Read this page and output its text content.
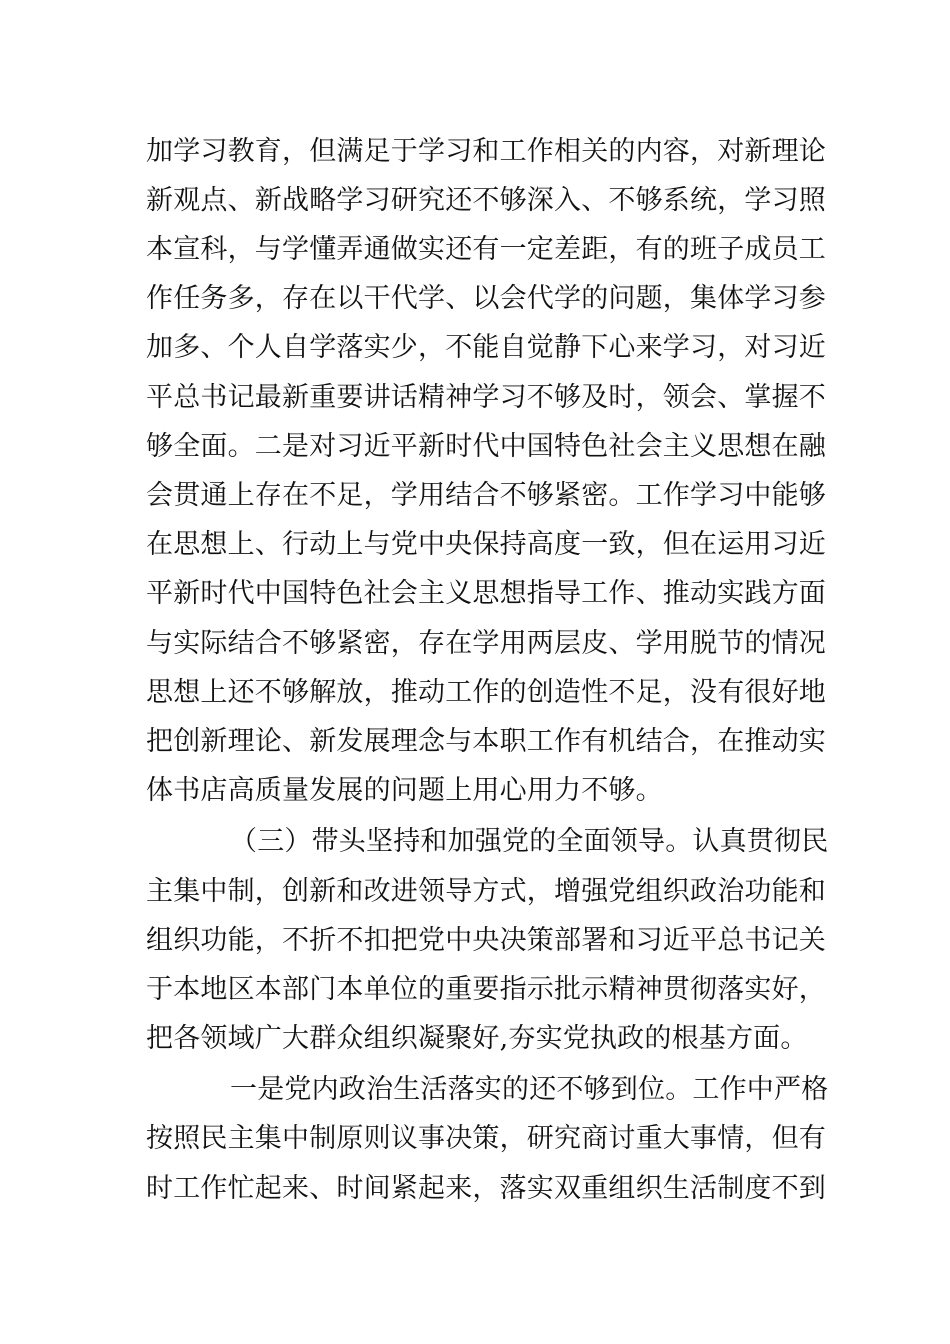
加学习教育，但满足于学习和工作相关的内容，对新理论
新观点、新战略学习研究还不够深入、不够系统，学习照
本宣科，与学懂弄通做实还有一定差距，有的班子成员工
作任务多，存在以干代学、以会代学的问题，集体学习参
加多、个人自学落实少，不能自觉静下心来学习，对习近
平总书记最新重要讲话精神学习不够及时，领会、掌握不
够全面。二是对习近平新时代中国特色社会主义思想在融
会贯通上存在不足，学用结合不够紧密。工作学习中能够
在思想上、行动上与党中央保持高度一致，但在运用习近
平新时代中国特色社会主义思想指导工作、推动实践方面
与实际结合不够紧密，存在学用两层皮、学用脱节的情况
思想上还不够解放，推动工作的创造性不足，没有很好地
把创新理论、新发展理念与本职工作有机结合，在推动实
体书店高质量发展的问题上用心用力不够。
（三）带头坚持和加强党的全面领导。认真贯彻民
主集中制，创新和改进领导方式，增强党组织政治功能和
组织功能，不折不扣把党中央决策部署和习近平总书记关
于本地区本部门本单位的重要指示批示精神贯彻落实好，
把各领域广大群众组织凝聚好,夯实党执政的根基方面。
一是党内政治生活落实的还不够到位。工作中严格
按照民主集中制原则议事决策，研究商讨重大事情，但有
时工作忙起来、时间紧起来，落实双重组织生活制度不到
